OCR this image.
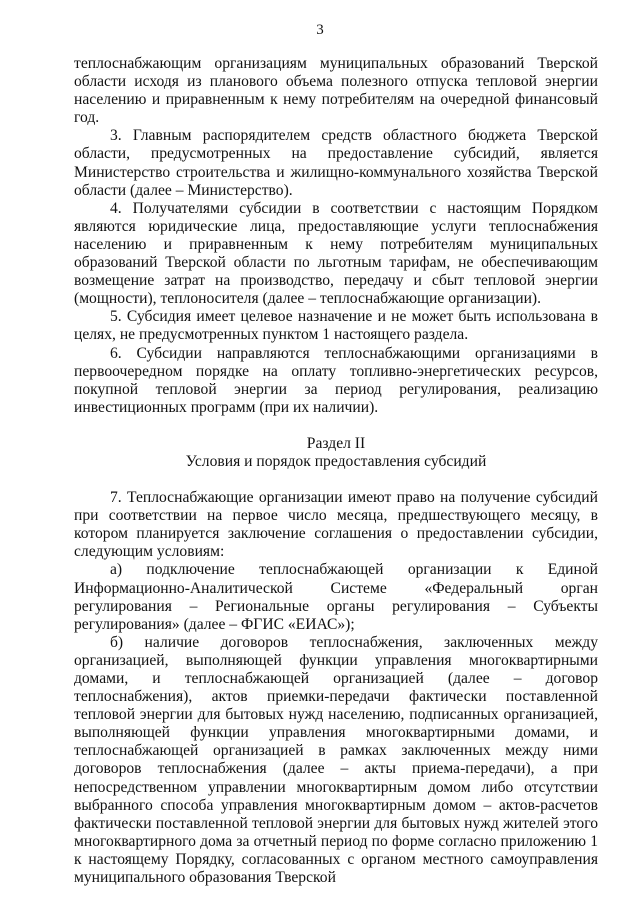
3

теплоснабжающим организациям муниципальных образований Тверской области исходя из планового объема полезного отпуска тепловой энергии населению и приравненным к нему потребителям на очередной финансовый год.

3. Главным распорядителем средств областного бюджета Тверской области, предусмотренных на предоставление субсидий, является Министерство строительства и жилищно-коммунального хозяйства Тверской области (далее – Министерство).

4. Получателями субсидии в соответствии с настоящим Порядком являются юридические лица, предоставляющие услуги теплоснабжения населению и приравненным к нему потребителям муниципальных образований Тверской области по льготным тарифам, не обеспечивающим возмещение затрат на производство, передачу и сбыт тепловой энергии (мощности), теплоносителя (далее – теплоснабжающие организации).

5. Субсидия имеет целевое назначение и не может быть использована в целях, не предусмотренных пунктом 1 настоящего раздела.

6. Субсидии направляются теплоснабжающими организациями в первоочередном порядке на оплату топливно-энергетических ресурсов, покупной тепловой энергии за период регулирования, реализацию инвестиционных программ (при их наличии).

Раздел II

Условия и порядок предоставления субсидий

7. Теплоснабжающие организации имеют право на получение субсидий при соответствии на первое число месяца, предшествующего месяцу, в котором планируется заключение соглашения о предоставлении субсидии, следующим условиям:

а) подключение теплоснабжающей организации к Единой Информационно-Аналитической Системе «Федеральный орган регулирования – Региональные органы регулирования – Субъекты регулирования» (далее – ФГИС «ЕИАС»);

б) наличие договоров теплоснабжения, заключенных между организацией, выполняющей функции управления многоквартирными домами, и теплоснабжающей организацией (далее – договор теплоснабжения), актов приемки-передачи фактически поставленной тепловой энергии для бытовых нужд населению, подписанных организацией, выполняющей функции управления многоквартирными домами, и теплоснабжающей организацией в рамках заключенных между ними договоров теплоснабжения (далее – акты приема-передачи), а при непосредственном управлении многоквартирным домом либо отсутствии выбранного способа управления многоквартирным домом – актов-расчетов фактически поставленной тепловой энергии для бытовых нужд жителей этого многоквартирного дома за отчетный период по форме согласно приложению 1 к настоящему Порядку, согласованных с органом местного самоуправления муниципального образования Тверской
